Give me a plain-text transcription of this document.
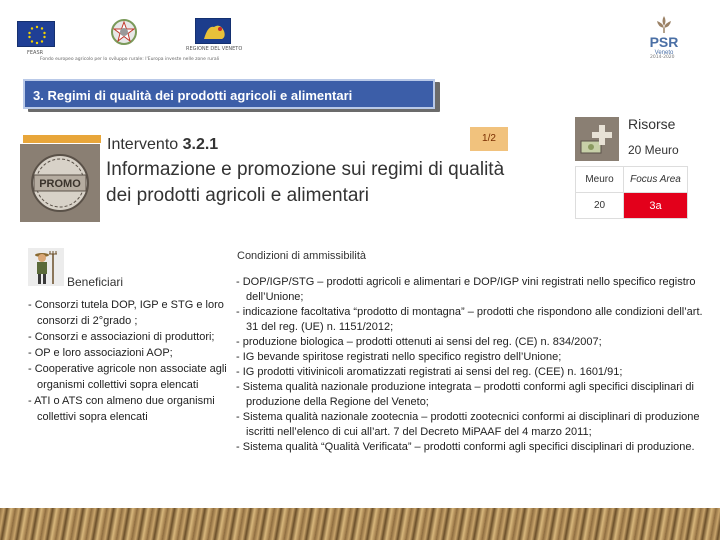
FEASR
REGIONE DEL VENETO
Fondo europeo agricolo per lo sviluppo rurale: l'Europa investe nelle zone rurali
PSR
Veneto
2014-2020
3. Regimi di qualità dei prodotti agricoli e alimentari
PROMO
Intervento 3.2.1
Informazione e promozione sui regimi di qualità dei prodotti agricoli e alimentari
1/2
Risorse
20 Meuro
Meuro	Focus Area
20	3a
Beneficiari
- Consorzi tutela DOP, IGP e STG e loro consorzi di 2°grado ;
- Consorzi e associazioni di produttori;
- OP e loro associazioni AOP;
- Cooperative agricole non associate agli organismi collettivi sopra elencati
- ATI o ATS con almeno due organismi collettivi sopra elencati
Condizioni di ammissibilità
- DOP/IGP/STG – prodotti agricoli e alimentari e DOP/IGP vini registrati nello specifico registro dell’Unione;
- indicazione facoltativa “prodotto di montagna” – prodotti che rispondono alle condizioni dell’art. 31 del reg. (UE) n. 1151/2012;
- produzione biologica – prodotti ottenuti ai sensi del reg. (CE) n. 834/2007;
- IG bevande spiritose registrati nello specifico registro dell’Unione;
- IG prodotti vitivinicoli aromatizzati registrati ai sensi del reg. (CEE) n. 1601/91;
- Sistema qualità nazionale produzione integrata – prodotti conformi agli specifici disciplinari di produzione della Regione del Veneto;
- Sistema qualità nazionale zootecnia – prodotti zootecnici conformi ai disciplinari di produzione iscritti nell’elenco di cui all’art. 7 del Decreto MiPAAF del 4 marzo 2011;
- Sistema qualità “Qualità Verificata” – prodotti conformi agli specifici disciplinari di produzione.
